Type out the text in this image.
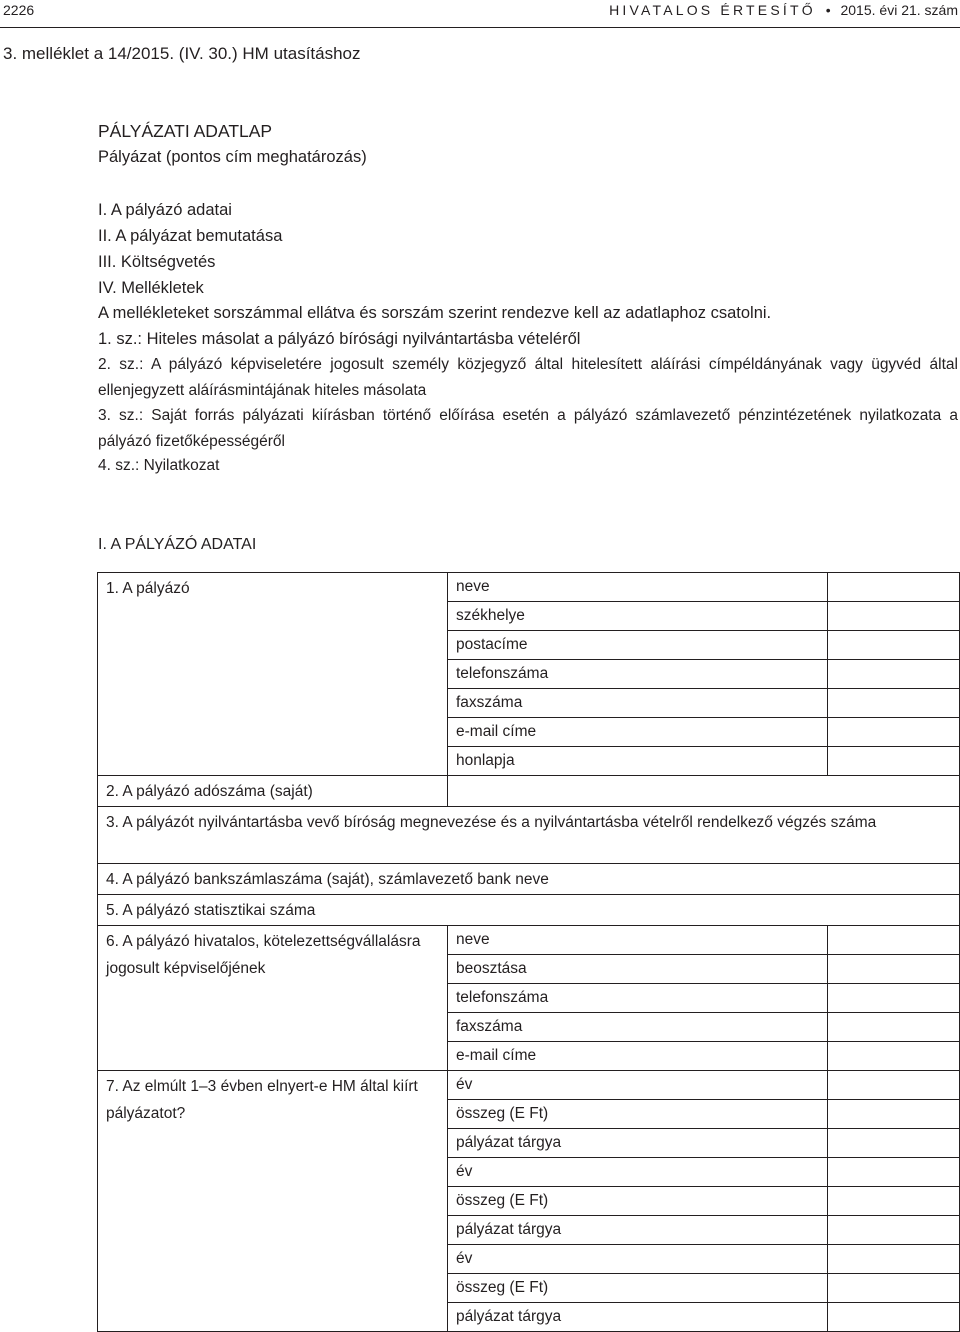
2226	HIVATALOS ÉRTESÍTŐ • 2015. évi 21. szám
3. melléklet a 14/2015. (IV. 30.) HM utasításhoz
PÁLYÁZATI ADATLAP
Pályázat (pontos cím meghatározás)
I. A pályázó adatai
II. A pályázat bemutatása
III. Költségvetés
IV. Mellékletek
A mellékleteket sorszámmal ellátva és sorszám szerint rendezve kell az adatlaphoz csatolni.
1. sz.: Hiteles másolat a pályázó bírósági nyilvántartásba vételéről
2. sz.: A pályázó képviseletére jogosult személy közjegyző által hitelesített aláírási címpéldányának vagy ügyvéd által ellenjegyzett aláírásmintájának hiteles másolata
3. sz.: Saját forrás pályázati kiírásban történő előírása esetén a pályázó számlavezető pénzintézetének nyilatkozata a pályázó fizetőképességéről
4. sz.: Nyilatkozat
I. A PÁLYÁZÓ ADATAI
1. A pályázó	neve	
	székhelye	
	postacíme	
	telefonszáma	
	faxszáma	
	e-mail címe	
	honlapja	
2. A pályázó adószáma (saját)		
3. A pályázót nyilvántartásba vevő bíróság megnevezése és a nyilvántartásba vételről rendelkező végzés száma		
4. A pályázó bankszámlaszáma (saját), számlavezető bank neve		
5. A pályázó statisztikai száma		
6. A pályázó hivatalos, kötelezettségvállalásra jogosult képviselőjének	neve	
	beosztása	
	telefonszáma	
	faxszáma	
	e-mail címe	
7. Az elmúlt 1–3 évben elnyert-e HM által kiírt pályázatot?	év	
	összeg (E Ft)	
	pályázat tárgya	
	év	
	összeg (E Ft)	
	pályázat tárgya	
	év	
	összeg (E Ft)	
	pályázat tárgya	
